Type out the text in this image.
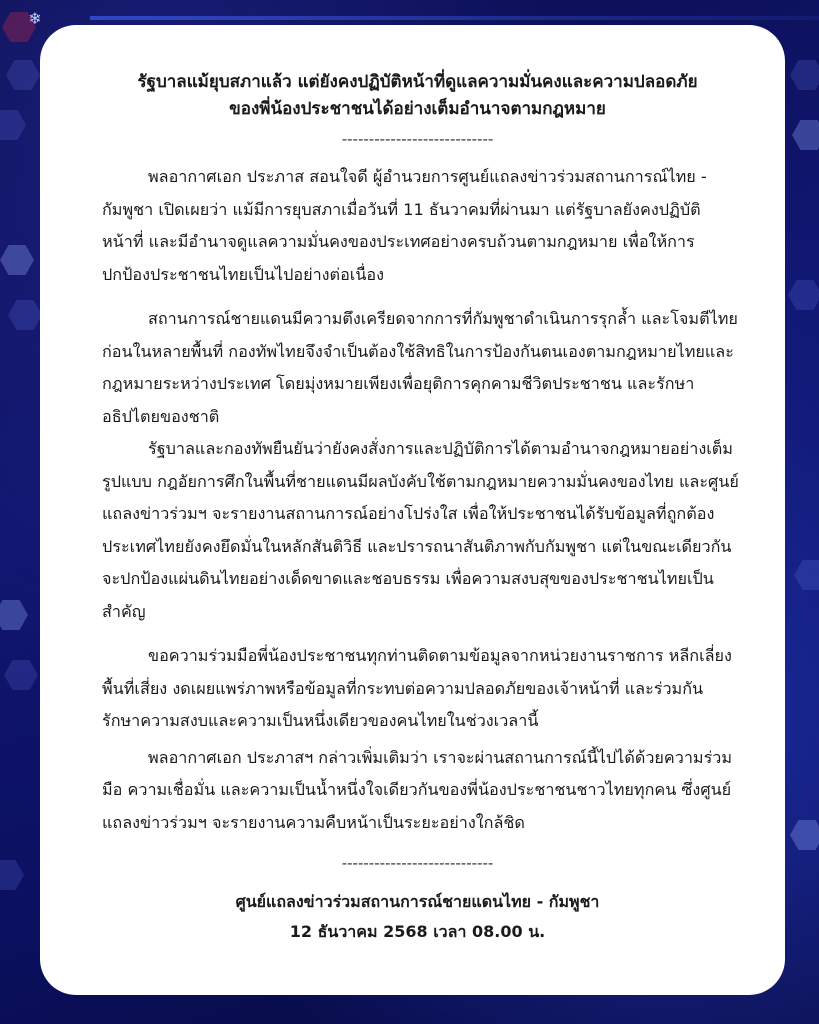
❄

รัฐบาลแม้ยุบสภาแล้ว แต่ยังคงปฏิบัติหน้าที่ดูแลความมั่นคงและความปลอดภัย

ของพี่น้องประชาชนได้อย่างเต็มอำนาจตามกฎหมาย

----------------------------

พลอากาศเอก ประภาส สอนใจดี ผู้อำนวยการศูนย์แถลงข่าวร่วมสถานการณ์ไทย - กัมพูชา เปิดเผยว่า แม้มีการยุบสภาเมื่อวันที่ 11 ธันวาคมที่ผ่านมา แต่รัฐบาลยังคงปฏิบัติหน้าที่ และมีอำนาจดูแลความมั่นคงของประเทศอย่างครบถ้วนตามกฎหมาย เพื่อให้การปกป้องประชาชนไทยเป็นไปอย่างต่อเนื่อง

สถานการณ์ชายแดนมีความตึงเครียดจากการที่กัมพูชาดำเนินการรุกล้ำ และโจมตีไทยก่อนในหลายพื้นที่ กองทัพไทยจึงจำเป็นต้องใช้สิทธิในการป้องกันตนเองตามกฎหมายไทยและกฎหมายระหว่างประเทศ โดยมุ่งหมายเพียงเพื่อยุติการคุกคามชีวิตประชาชน และรักษาอธิปไตยของชาติ

รัฐบาลและกองทัพยืนยันว่ายังคงสั่งการและปฏิบัติการได้ตามอำนาจกฎหมายอย่างเต็มรูปแบบ กฎอัยการศึกในพื้นที่ชายแดนมีผลบังคับใช้ตามกฎหมายความมั่นคงของไทย และศูนย์แถลงข่าวร่วมฯ จะรายงานสถานการณ์อย่างโปร่งใส เพื่อให้ประชาชนได้รับข้อมูลที่ถูกต้อง ประเทศไทยยังคงยึดมั่นในหลักสันติวิธี และปรารถนาสันติภาพกับกัมพูชา แต่ในขณะเดียวกันจะปกป้องแผ่นดินไทยอย่างเด็ดขาดและชอบธรรม เพื่อความสงบสุขของประชาชนไทยเป็นสำคัญ

ขอความร่วมมือพี่น้องประชาชนทุกท่านติดตามข้อมูลจากหน่วยงานราชการ หลีกเลี่ยงพื้นที่เสี่ยง งดเผยแพร่ภาพหรือข้อมูลที่กระทบต่อความปลอดภัยของเจ้าหน้าที่ และร่วมกันรักษาความสงบและความเป็นหนึ่งเดียวของคนไทยในช่วงเวลานี้

พลอากาศเอก ประภาสฯ กล่าวเพิ่มเติมว่า เราจะผ่านสถานการณ์นี้ไปได้ด้วยความร่วมมือ ความเชื่อมั่น และความเป็นน้ำหนึ่งใจเดียวกันของพี่น้องประชาชนชาวไทยทุกคน ซึ่งศูนย์แถลงข่าวร่วมฯ จะรายงานความคืบหน้าเป็นระยะอย่างใกล้ชิด

----------------------------
ศูนย์แถลงข่าวร่วมสถานการณ์ชายแดนไทย - กัมพูชา
12 ธันวาคม 2568 เวลา 08.00 น.
